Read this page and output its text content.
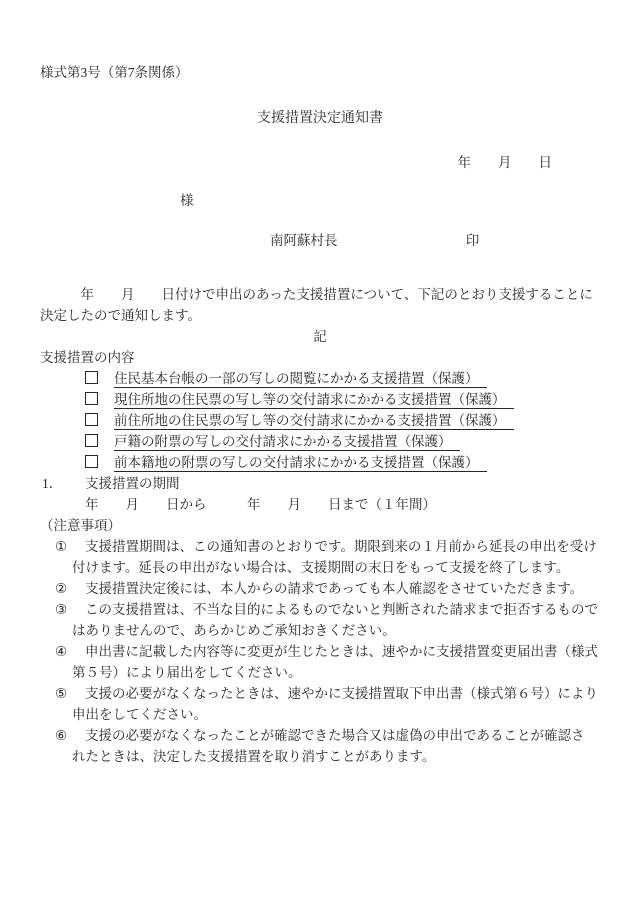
様式第3号（第7条関係）
支援措置決定通知書
年　　月　　日
様
南阿蘇村長	印
　　　年　　月　　日付けで申出のあった支援措置について、下記のとおり支援することに
決定したので通知します。
記
支援措置の内容
住民基本台帳の一部の写しの閲覧にかかる支援措置（保護）
現住所地の住民票の写し等の交付請求にかかる支援措置（保護）
前住所地の住民票の写し等の交付請求にかかる支援措置（保護）
戸籍の附票の写しの交付請求にかかる支援措置（保護）
前本籍地の附票の写しの交付請求にかかる支援措置（保護）
1． 支援措置の期間
年　　月　　日から　　　年　　月　　日まで（１年間）
（注意事項）
① 支援措置期間は、この通知書のとおりです。期限到来の１月前から延長の申出を受け
付けます。延長の申出がない場合は、支援期間の末日をもって支援を終了します。
② 支援措置決定後には、本人からの請求であっても本人確認をさせていただきます。
③ この支援措置は、不当な目的によるものでないと判断された請求まで拒否するもので
はありませんので、あらかじめご承知おきください。
④ 申出書に記載した内容等に変更が生じたときは、速やかに支援措置変更届出書（様式
第５号）により届出をしてください。
⑤ 支援の必要がなくなったときは、速やかに支援措置取下申出書（様式第６号）により
申出をしてください。
⑥ 支援の必要がなくなったことが確認できた場合又は虚偽の申出であることが確認さ
れたときは、決定した支援措置を取り消すことがあります。
